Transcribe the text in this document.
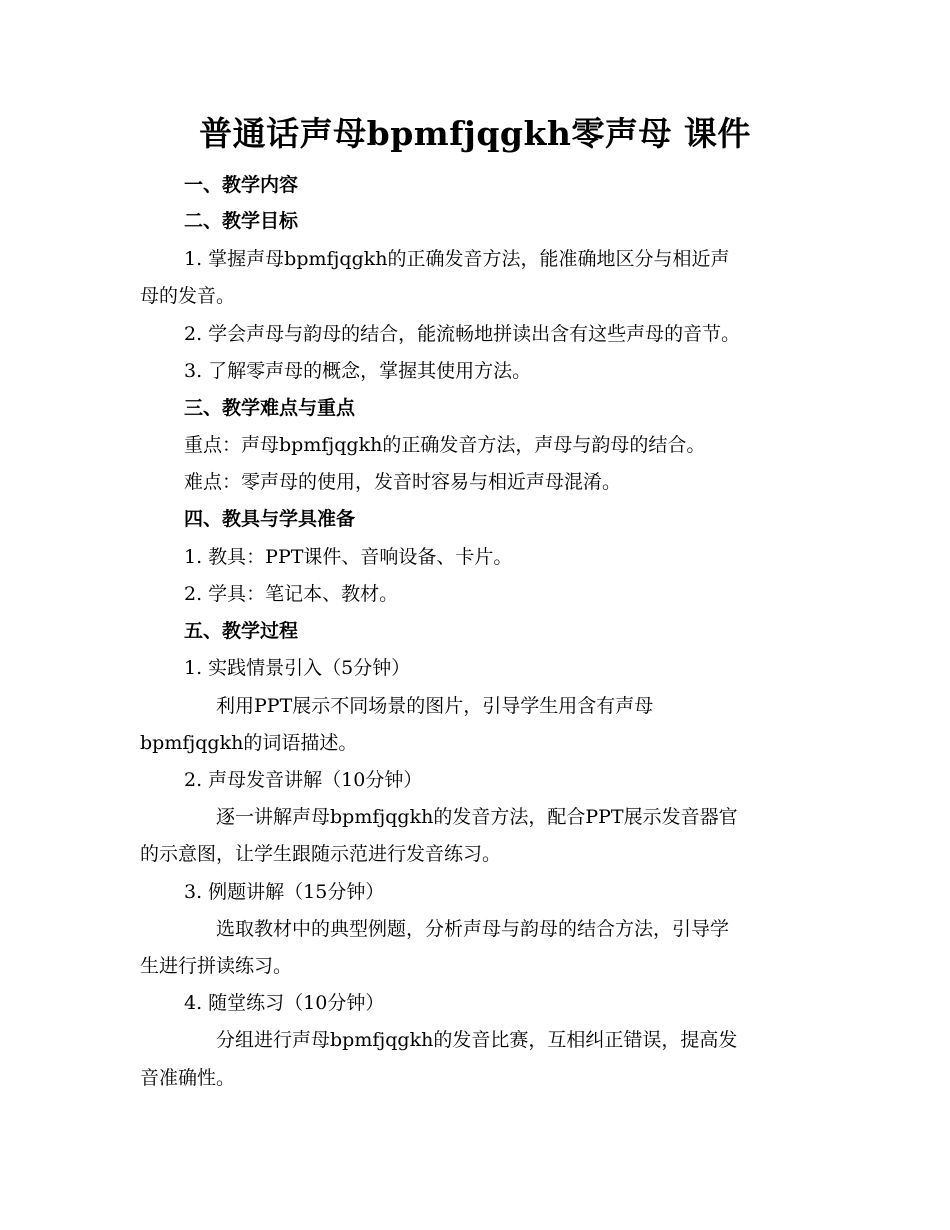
普通话声母bpmfjqgkh零声母 课件
一、教学内容
二、教学目标
1. 掌握声母bpmfjqgkh的正确发音方法，能准确地区分与相近声
母的发音。
2. 学会声母与韵母的结合，能流畅地拼读出含有这些声母的音节。
3. 了解零声母的概念，掌握其使用方法。
三、教学难点与重点
重点：声母bpmfjqgkh的正确发音方法，声母与韵母的结合。
难点：零声母的使用，发音时容易与相近声母混淆。
四、教具与学具准备
1. 教具：PPT课件、音响设备、卡片。
2. 学具：笔记本、教材。
五、教学过程
1. 实践情景引入（5分钟）
利用PPT展示不同场景的图片，引导学生用含有声母
bpmfjqgkh的词语描述。
2. 声母发音讲解（10分钟）
逐一讲解声母bpmfjqgkh的发音方法，配合PPT展示发音器官
的示意图，让学生跟随示范进行发音练习。
3. 例题讲解（15分钟）
选取教材中的典型例题，分析声母与韵母的结合方法，引导学
生进行拼读练习。
4. 随堂练习（10分钟）
分组进行声母bpmfjqgkh的发音比赛，互相纠正错误，提高发
音准确性。
